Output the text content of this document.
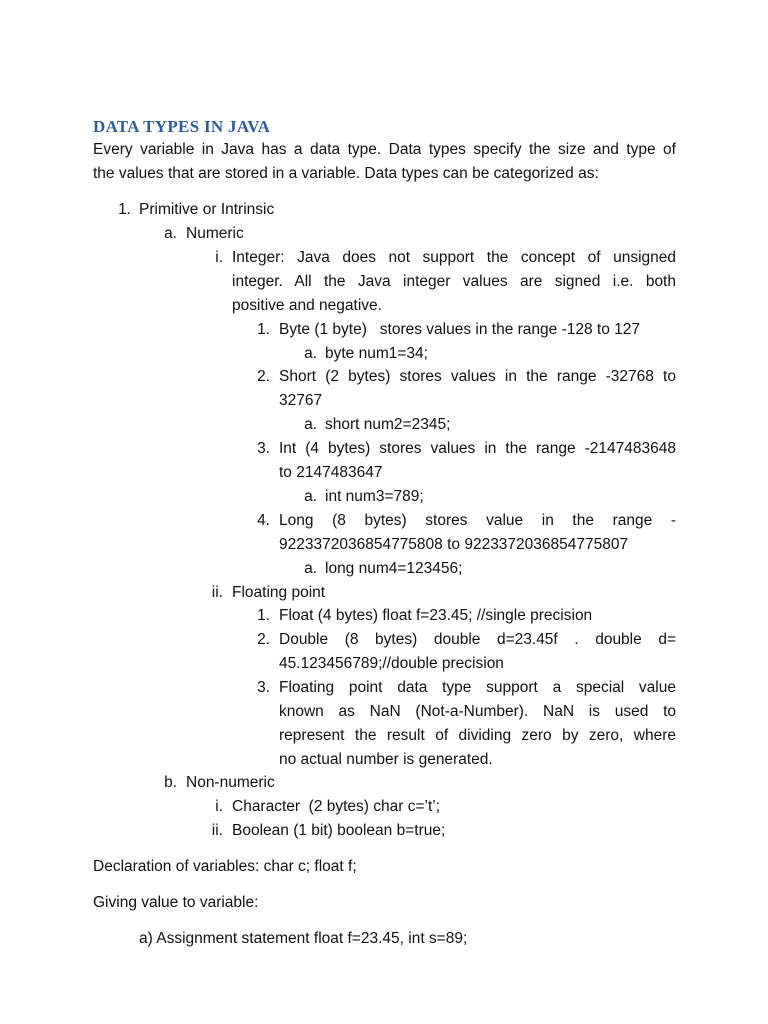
DATA TYPES IN JAVA
Every variable in Java has a data type. Data types specify the size and type of
the values that are stored in a variable. Data types can be categorized as:
1. Primitive or Intrinsic
a. Numeric
i. Integer: Java does not support the concept of unsigned
integer. All the Java integer values are signed i.e. both
positive and negative.
1. Byte (1 byte)   stores values in the range -128 to 127
a. byte num1=34;
2. Short (2 bytes) stores values in the range -32768 to
32767
a. short num2=2345;
3. Int (4 bytes) stores values in the range -2147483648
to 2147483647
a. int num3=789;
4. Long (8 bytes) stores value in the range -
9223372036854775808 to 9223372036854775807
a. long num4=123456;
ii. Floating point
1. Float (4 bytes) float f=23.45; //single precision
2. Double (8 bytes) double d=23.45f . double d=
45.123456789;//double precision
3. Floating point data type support a special value
known as NaN (Not-a-Number). NaN is used to
represent the result of dividing zero by zero, where
no actual number is generated.
b. Non-numeric
i. Character  (2 bytes) char c=’t’;
ii. Boolean (1 bit) boolean b=true;
Declaration of variables: char c; float f;
Giving value to variable:
a) Assignment statement float f=23.45, int s=89;
